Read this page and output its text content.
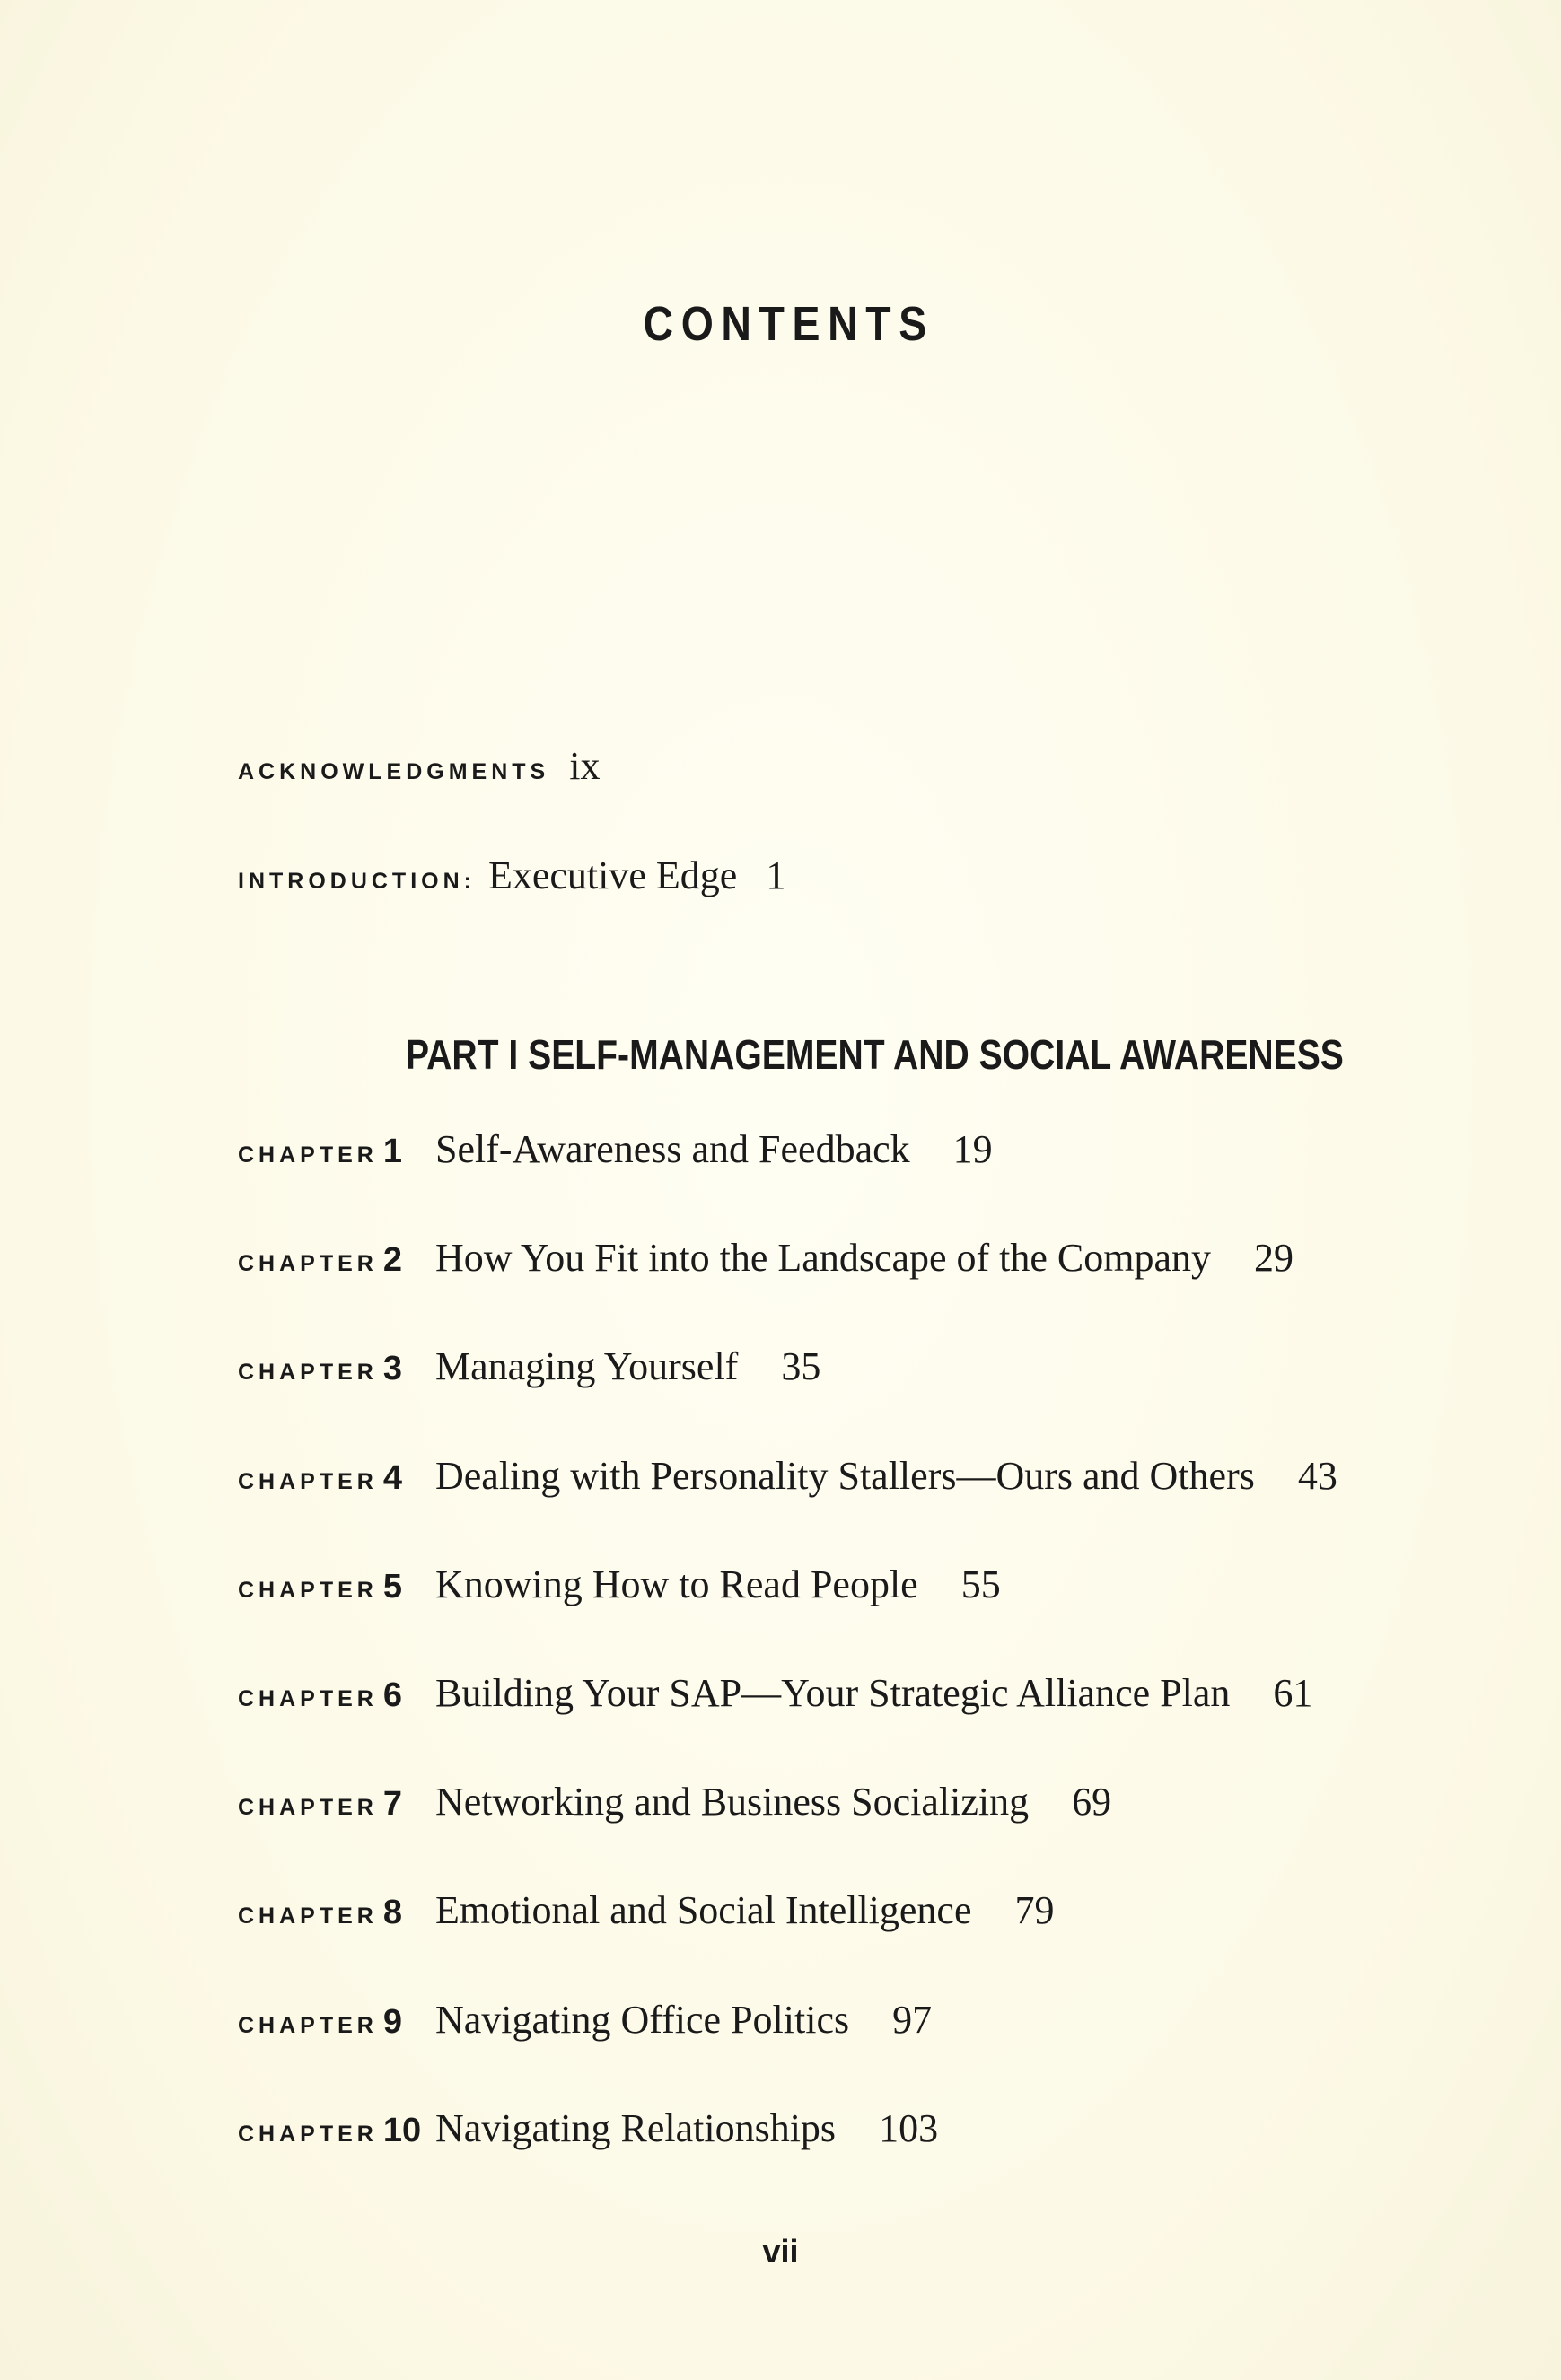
CONTENTS
ACKNOWLEDGMENTS ix
INTRODUCTION: Executive Edge 1
PART I SELF-MANAGEMENT AND SOCIAL AWARENESS
CHAPTER 1 Self-Awareness and Feedback 19
CHAPTER 2 How You Fit into the Landscape of the Company 29
CHAPTER 3 Managing Yourself 35
CHAPTER 4 Dealing with Personality Stallers—Ours and Others 43
CHAPTER 5 Knowing How to Read People 55
CHAPTER 6 Building Your SAP—Your Strategic Alliance Plan 61
CHAPTER 7 Networking and Business Socializing 69
CHAPTER 8 Emotional and Social Intelligence 79
CHAPTER 9 Navigating Office Politics 97
CHAPTER 10 Navigating Relationships 103
vii
